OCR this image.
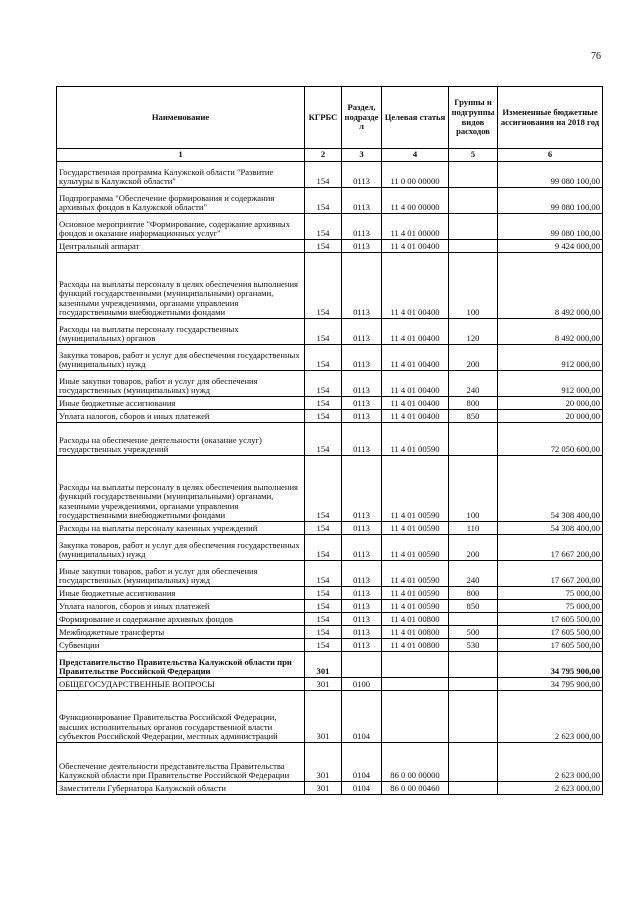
76
Наименование	КГРБС	Раздел, подраздел	Целевая статья	Группы и подгруппы видов расходов	Измененные бюджетные ассигнования на 2018 год
1	2	3	4	5	6
Государственная программа Калужской области "Развитие культуры в Калужской области"	154	0113	11 0 00 00000		99 080 100,00
Подпрограмма "Обеспечение формирования и содержания архивных фондов в Калужской области"	154	0113	11 4 00 00000		99 080 100,00
Основное мероприятие "Формирование, содержание архивных фондов и оказание информационных услуг"	154	0113	11 4 01 00000		99 080 100,00
Центральный аппарат	154	0113	11 4 01 00400		9 424 000,00
Расходы на выплаты персоналу в целях обеспечения выполнения функций государственными (муниципальными) органами, казенными учреждениями, органами управления государственными внебюджетными фондами	154	0113	11 4 01 00400	100	8 492 000,00
Расходы на выплаты персоналу государственных (муниципальных) органов	154	0113	11 4 01 00400	120	8 492 000,00
Закупка товаров, работ и услуг для обеспечения государственных (муниципальных) нужд	154	0113	11 4 01 00400	200	912 000,00
Иные закупки товаров, работ и услуг для обеспечения государственных (муниципальных) нужд	154	0113	11 4 01 00400	240	912 000,00
Иные бюджетные ассигнования	154	0113	11 4 01 00400	800	20 000,00
Уплата налогов, сборов и иных платежей	154	0113	11 4 01 00400	850	20 000,00
Расходы на обеспечение деятельности (оказание услуг) государственных учреждений	154	0113	11 4 01 00590		72 050 600,00
Расходы на выплаты персоналу в целях обеспечения выполнения функций государственными (муниципальными) органами, казенными учреждениями, органами управления государственными внебюджетными фондами	154	0113	11 4 01 00590	100	54 308 400,00
Расходы на выплаты персоналу казенных учреждений	154	0113	11 4 01 00590	110	54 308 400,00
Закупка товаров, работ и услуг для обеспечения государственных (муниципальных) нужд	154	0113	11 4 01 00590	200	17 667 200,00
Иные закупки товаров, работ и услуг для обеспечения государственных (муниципальных) нужд	154	0113	11 4 01 00590	240	17 667 200,00
Иные бюджетные ассигнования	154	0113	11 4 01 00590	800	75 000,00
Уплата налогов, сборов и иных платежей	154	0113	11 4 01 00590	850	75 000,00
Формирование и содержание архивных фондов	154	0113	11 4 01 00800		17 605 500,00
Межбюджетные трансферты	154	0113	11 4 01 00800	500	17 605 500,00
Субвенции	154	0113	11 4 01 00800	530	17 605 500,00
Представительство Правительства Калужской области при Правительстве Российской Федерации	301				34 795 900,00
ОБЩЕГОСУДАРСТВЕННЫЕ ВОПРОСЫ	301	0100			34 795 900,00
Функционирование Правительства Российской Федерации, высших исполнительных органов государственной власти субъектов Российской Федерации, местных администраций	301	0104			2 623 000,00
Обеспечение деятельности представительства Правительства Калужской области при Правительстве Российской Федерации	301	0104	86 0 00 00000		2 623 000,00
Заместители Губернатора Калужской области	301	0104	86 0 00 00460		2 623 000,00
